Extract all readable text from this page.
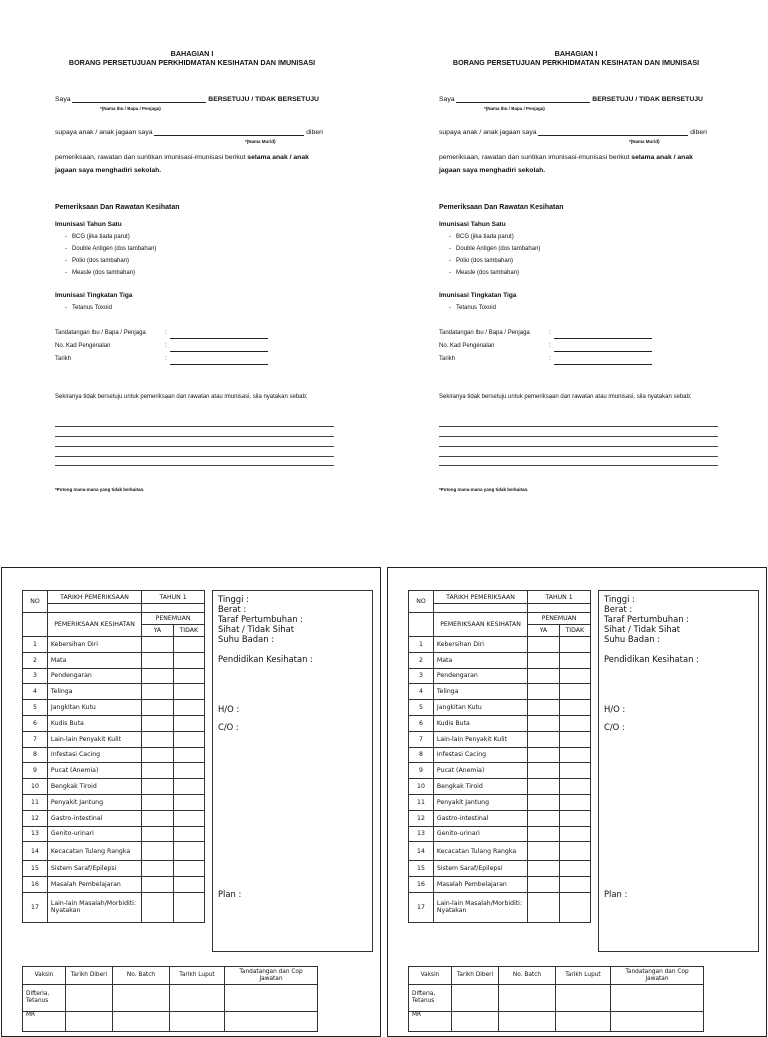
BAHAGIAN I
BORANG PERSETUJUAN PERKHIDMATAN KESIHATAN DAN IMUNISASI
Saya	BERSETUJU / TIDAK BERSETUJU
*(Nama Ibu / Bapa / Penjaga)
supaya anak / anak jagaan saya	diberi
*(Nama Murid)
pemeriksaan, rawatan dan suntikan imunisasi-imunisasi berikut selama anak / anak
jagaan saya menghadiri sekolah.
Pemeriksaan Dan Rawatan Kesihatan
Imunisasi Tahun Satu
- BCG (jika tiada parut)
- Double Antigen (dos tambahan)
- Polio (dos tambahan)
- Measle (dos tambahan)
Imunisasi Tingkatan Tiga
- Tetanus Toxoid
Tandatangan Ibu / Bapa / Penjaga	:
No. Kad Pengenalan	:
Tarikh	:
Sekiranya tidak bersetuju untuk pemeriksaan dan rawatan atau imunisasi, sila nyatakan sebab:
*Potong mana-mana yang tidak berkaitan.
BAHAGIAN I
BORANG PERSETUJUAN PERKHIDMATAN KESIHATAN DAN IMUNISASI
Saya	BERSETUJU / TIDAK BERSETUJU
*(Nama Ibu / Bapa / Penjaga)
supaya anak / anak jagaan saya	diberi
*(Nama Murid)
pemeriksaan, rawatan dan suntikan imunisasi-imunisasi berikut selama anak / anak
jagaan saya menghadiri sekolah.
Pemeriksaan Dan Rawatan Kesihatan
Imunisasi Tahun Satu
- BCG (jika tiada parut)
- Double Antigen (dos tambahan)
- Polio (dos tambahan)
- Measle (dos tambahan)
Imunisasi Tingkatan Tiga
- Tetanus Toxoid
Tandatangan Ibu / Bapa / Penjaga	:
No. Kad Pengenalan	:
Tarikh	:
Sekiranya tidak bersetuju untuk pemeriksaan dan rawatan atau imunisasi, sila nyatakan sebab:
*Potong mana-mana yang tidak berkaitan.
NO	TARIKH PEMERIKSAAN	TAHUN 1	

	PEMERIKSAAN KESIHATAN	PENEMUAN	
		YA	TIDAK
1	Kebersihan Diri		
2	Mata		
3	Pendengaran		
4	Telinga		
5	Jangkitan Kutu		
6	Kudis Buta		
7	Lain-lain Penyakit Kulit		
8	Infestasi Cacing		
9	Pucat (Anemia)		
10	Bengkak Tiroid		
11	Penyakit Jantung		
12	Gastro-intestinal		
13	Genito-urinari		
14	Kecacatan Tulang Rangka		
15	Sistem Saraf/Epilepsi		
16	Masalah Pembelajaran		
17	Lain-lain Masalah/Morbiditi: Nyatakan		
Tinggi :
Berat :
Taraf Pertumbuhan :
Sihat / Tidak Sihat
Suhu Badan :
Pendidikan Kesihatan :
H/O :
C/O :
Plan :
Vaksin	Tarikh Diberi	No. Batch	Tarikh Luput	Tandatangan dan Cop Jawatan
Difteria, Tetanus				
MR				
NO	TARIKH PEMERIKSAAN	TAHUN 1	

	PEMERIKSAAN KESIHATAN	PENEMUAN	
		YA	TIDAK
1	Kebersihan Diri		
2	Mata		
3	Pendengaran		
4	Telinga		
5	Jangkitan Kutu		
6	Kudis Buta		
7	Lain-lain Penyakit Kulit		
8	Infestasi Cacing		
9	Pucat (Anemia)		
10	Bengkak Tiroid		
11	Penyakit Jantung		
12	Gastro-intestinal		
13	Genito-urinari		
14	Kecacatan Tulang Rangka		
15	Sistem Saraf/Epilepsi		
16	Masalah Pembelajaran		
17	Lain-lain Masalah/Morbiditi: Nyatakan		
Tinggi :
Berat :
Taraf Pertumbuhan :
Sihat / Tidak Sihat
Suhu Badan :
Pendidikan Kesihatan :
H/O :
C/O :
Plan :
Vaksin	Tarikh Diberi	No. Batch	Tarikh Luput	Tandatangan dan Cop Jawatan
Difteria, Tetanus				
MR				
